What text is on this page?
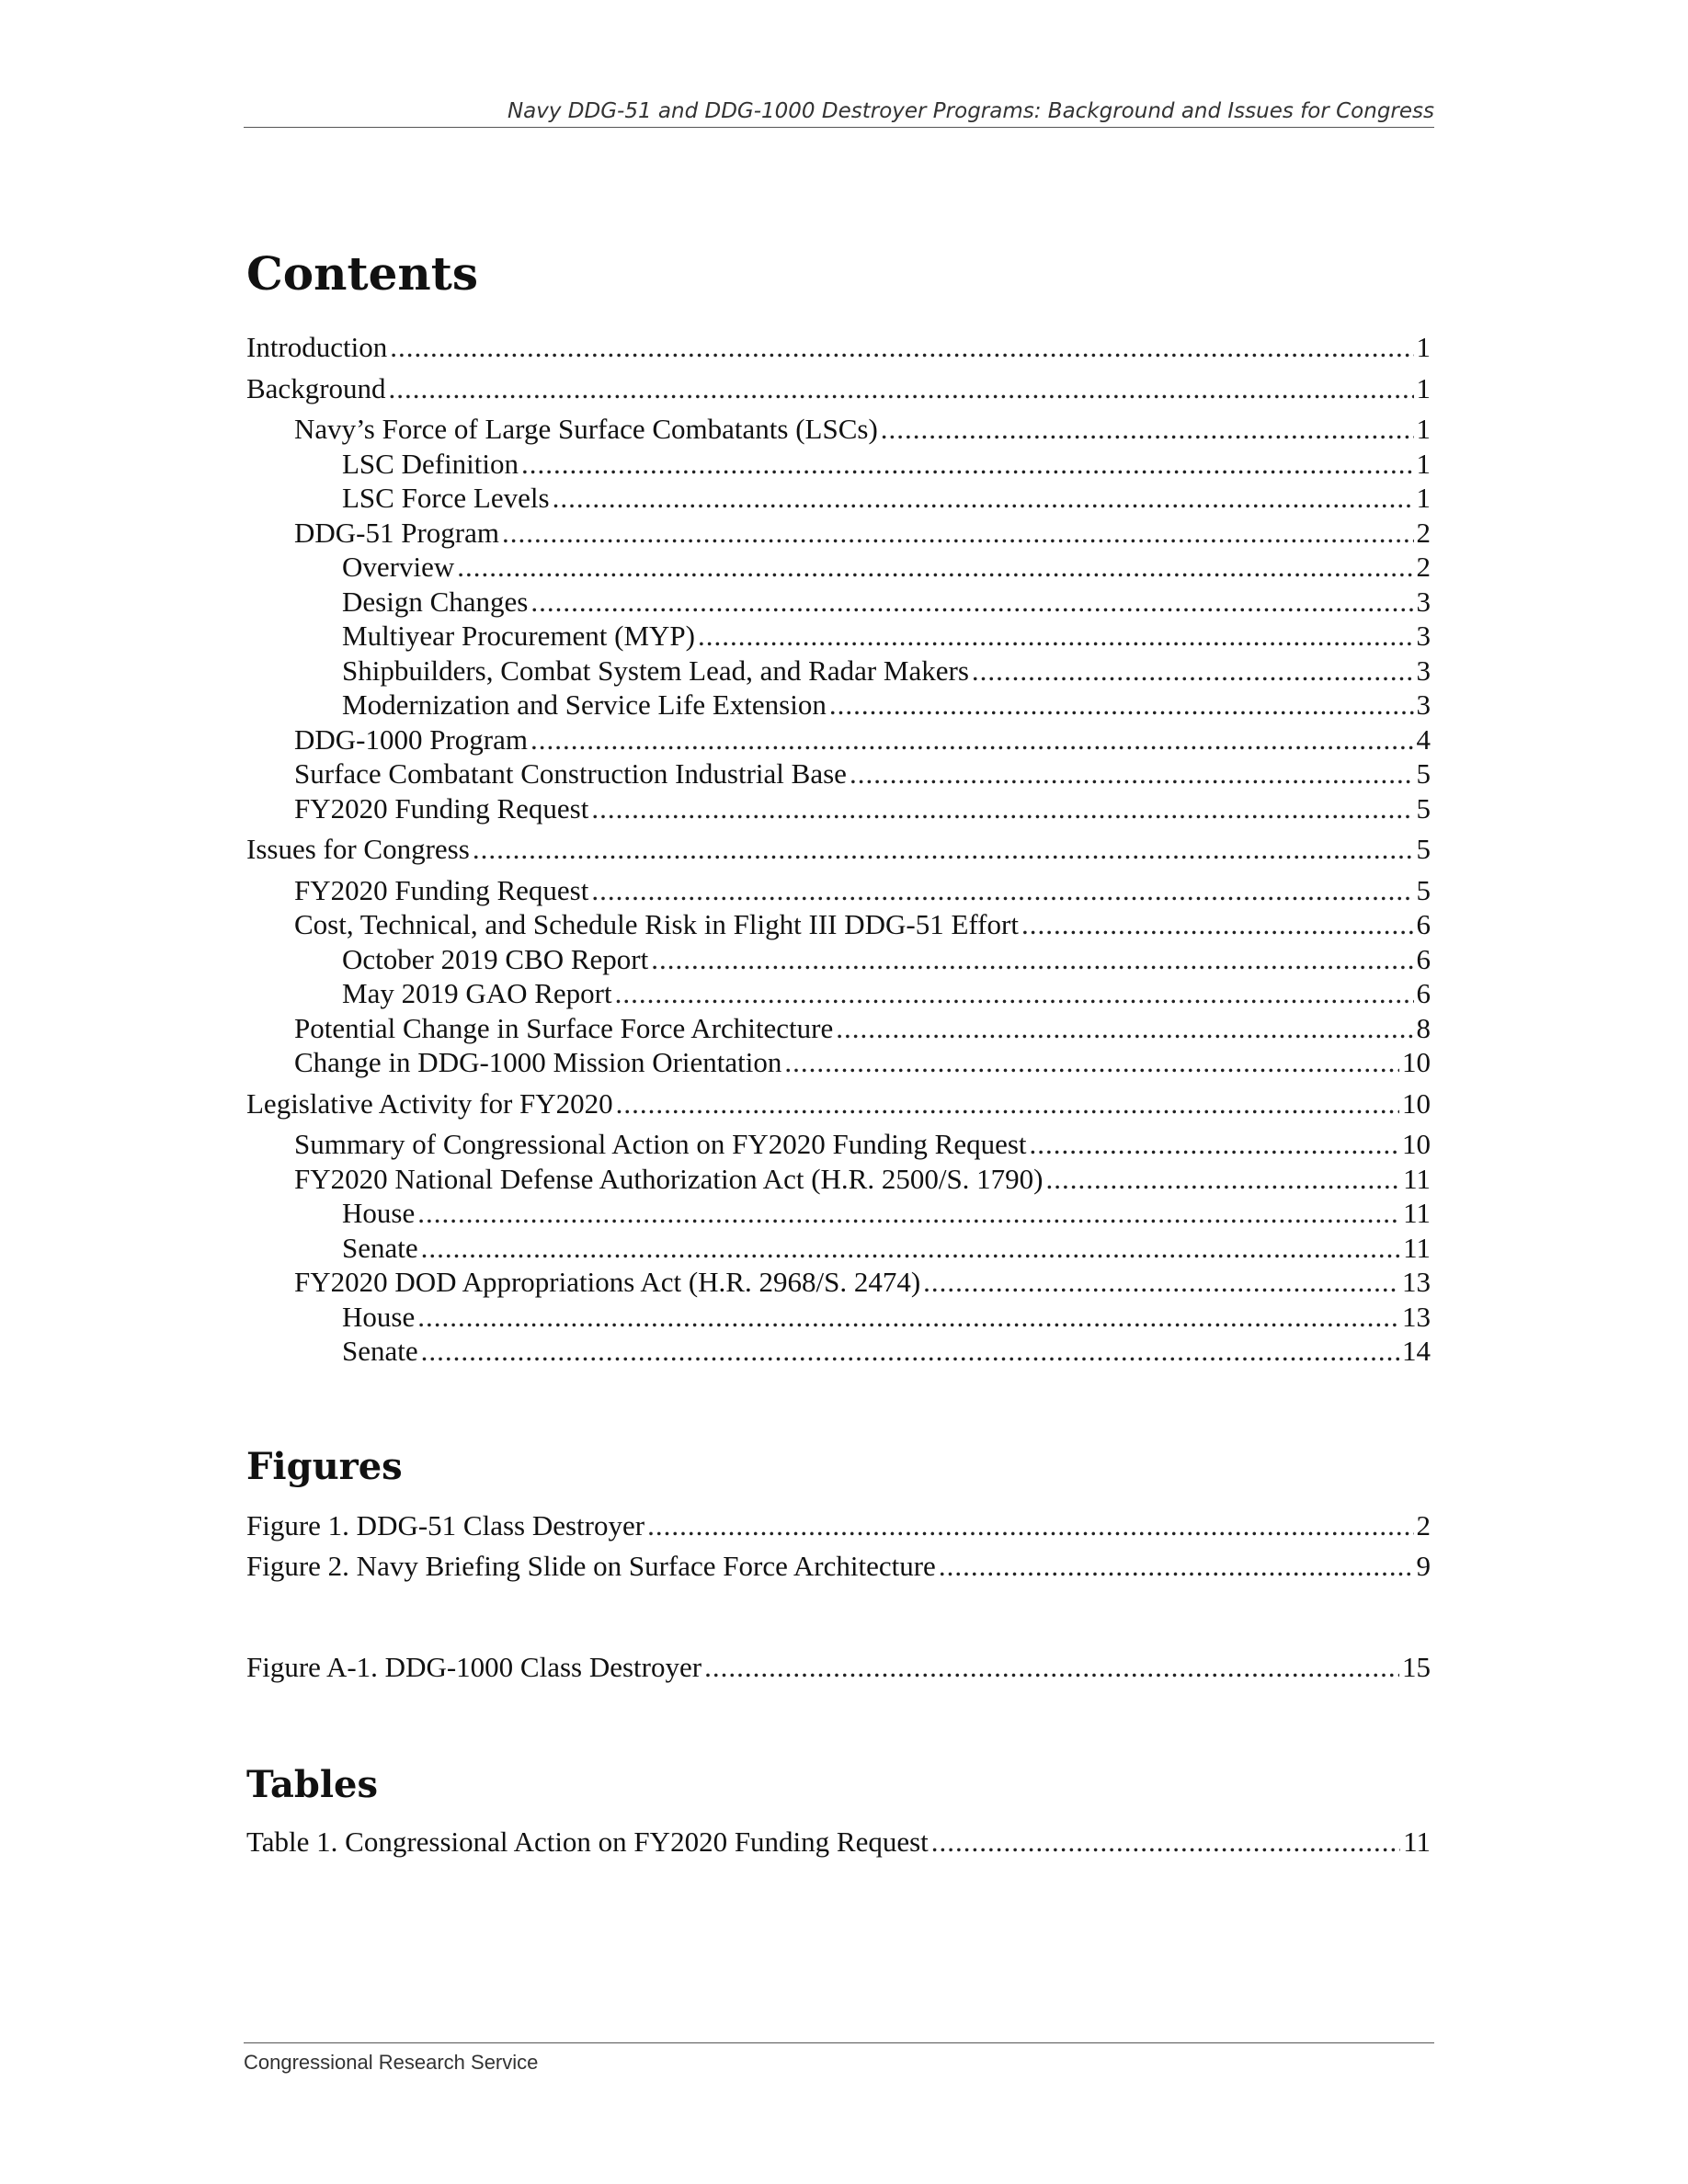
Navy DDG-51 and DDG-1000 Destroyer Programs: Background and Issues for Congress
Contents
Introduction .....	1
Background .....	1
Navy’s Force of Large Surface Combatants (LSCs) .....	1
LSC Definition .....	1
LSC Force Levels .....	1
DDG-51 Program .....	2
Overview .....	2
Design Changes .....	3
Multiyear Procurement (MYP) .....	3
Shipbuilders, Combat System Lead, and Radar Makers .....	3
Modernization and Service Life Extension .....	3
DDG-1000 Program .....	4
Surface Combatant Construction Industrial Base .....	5
FY2020 Funding Request .....	5
Issues for Congress .....	5
FY2020 Funding Request .....	5
Cost, Technical, and Schedule Risk in Flight III DDG-51 Effort .....	6
October 2019 CBO Report .....	6
May 2019 GAO Report .....	6
Potential Change in Surface Force Architecture .....	8
Change in DDG-1000 Mission Orientation .....	10
Legislative Activity for FY2020 .....	10
Summary of Congressional Action on FY2020 Funding Request .....	10
FY2020 National Defense Authorization Act (H.R. 2500/S. 1790) .....	11
House .....	11
Senate .....	11
FY2020 DOD Appropriations Act (H.R. 2968/S. 2474) .....	13
House .....	13
Senate .....	14
Figures
Figure 1. DDG-51 Class Destroyer .....	2
Figure 2. Navy Briefing Slide on Surface Force Architecture .....	9
Figure A-1. DDG-1000 Class Destroyer .....	15
Tables
Table 1. Congressional Action on FY2020 Funding Request .....	11
Congressional Research Service
